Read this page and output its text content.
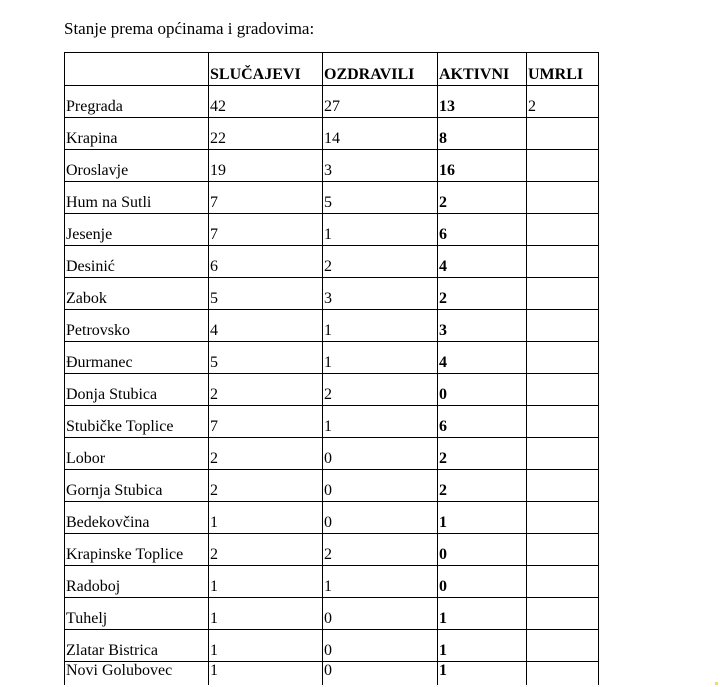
Stanje prema općinama i gradovima:
	SLUČAJEVI	OZDRAVILI	AKTIVNI	UMRLI
Pregrada	42	27	13	2
Krapina	22	14	8	
Oroslavje	19	3	16	
Hum na Sutli	7	5	2	
Jesenje	7	1	6	
Desinić	6	2	4	
Zabok	5	3	2	
Petrovsko	4	1	3	
Đurmanec	5	1	4	
Donja Stubica	2	2	0	
Stubičke Toplice	7	1	6	
Lobor	2	0	2	
Gornja Stubica	2	0	2	
Bedekovčina	1	0	1	
Krapinske Toplice	2	2	0	
Radoboj	1	1	0	
Tuhelj	1	0	1	
Zlatar Bistrica	1	0	1	
Novi Golubovec	1	0	1	
